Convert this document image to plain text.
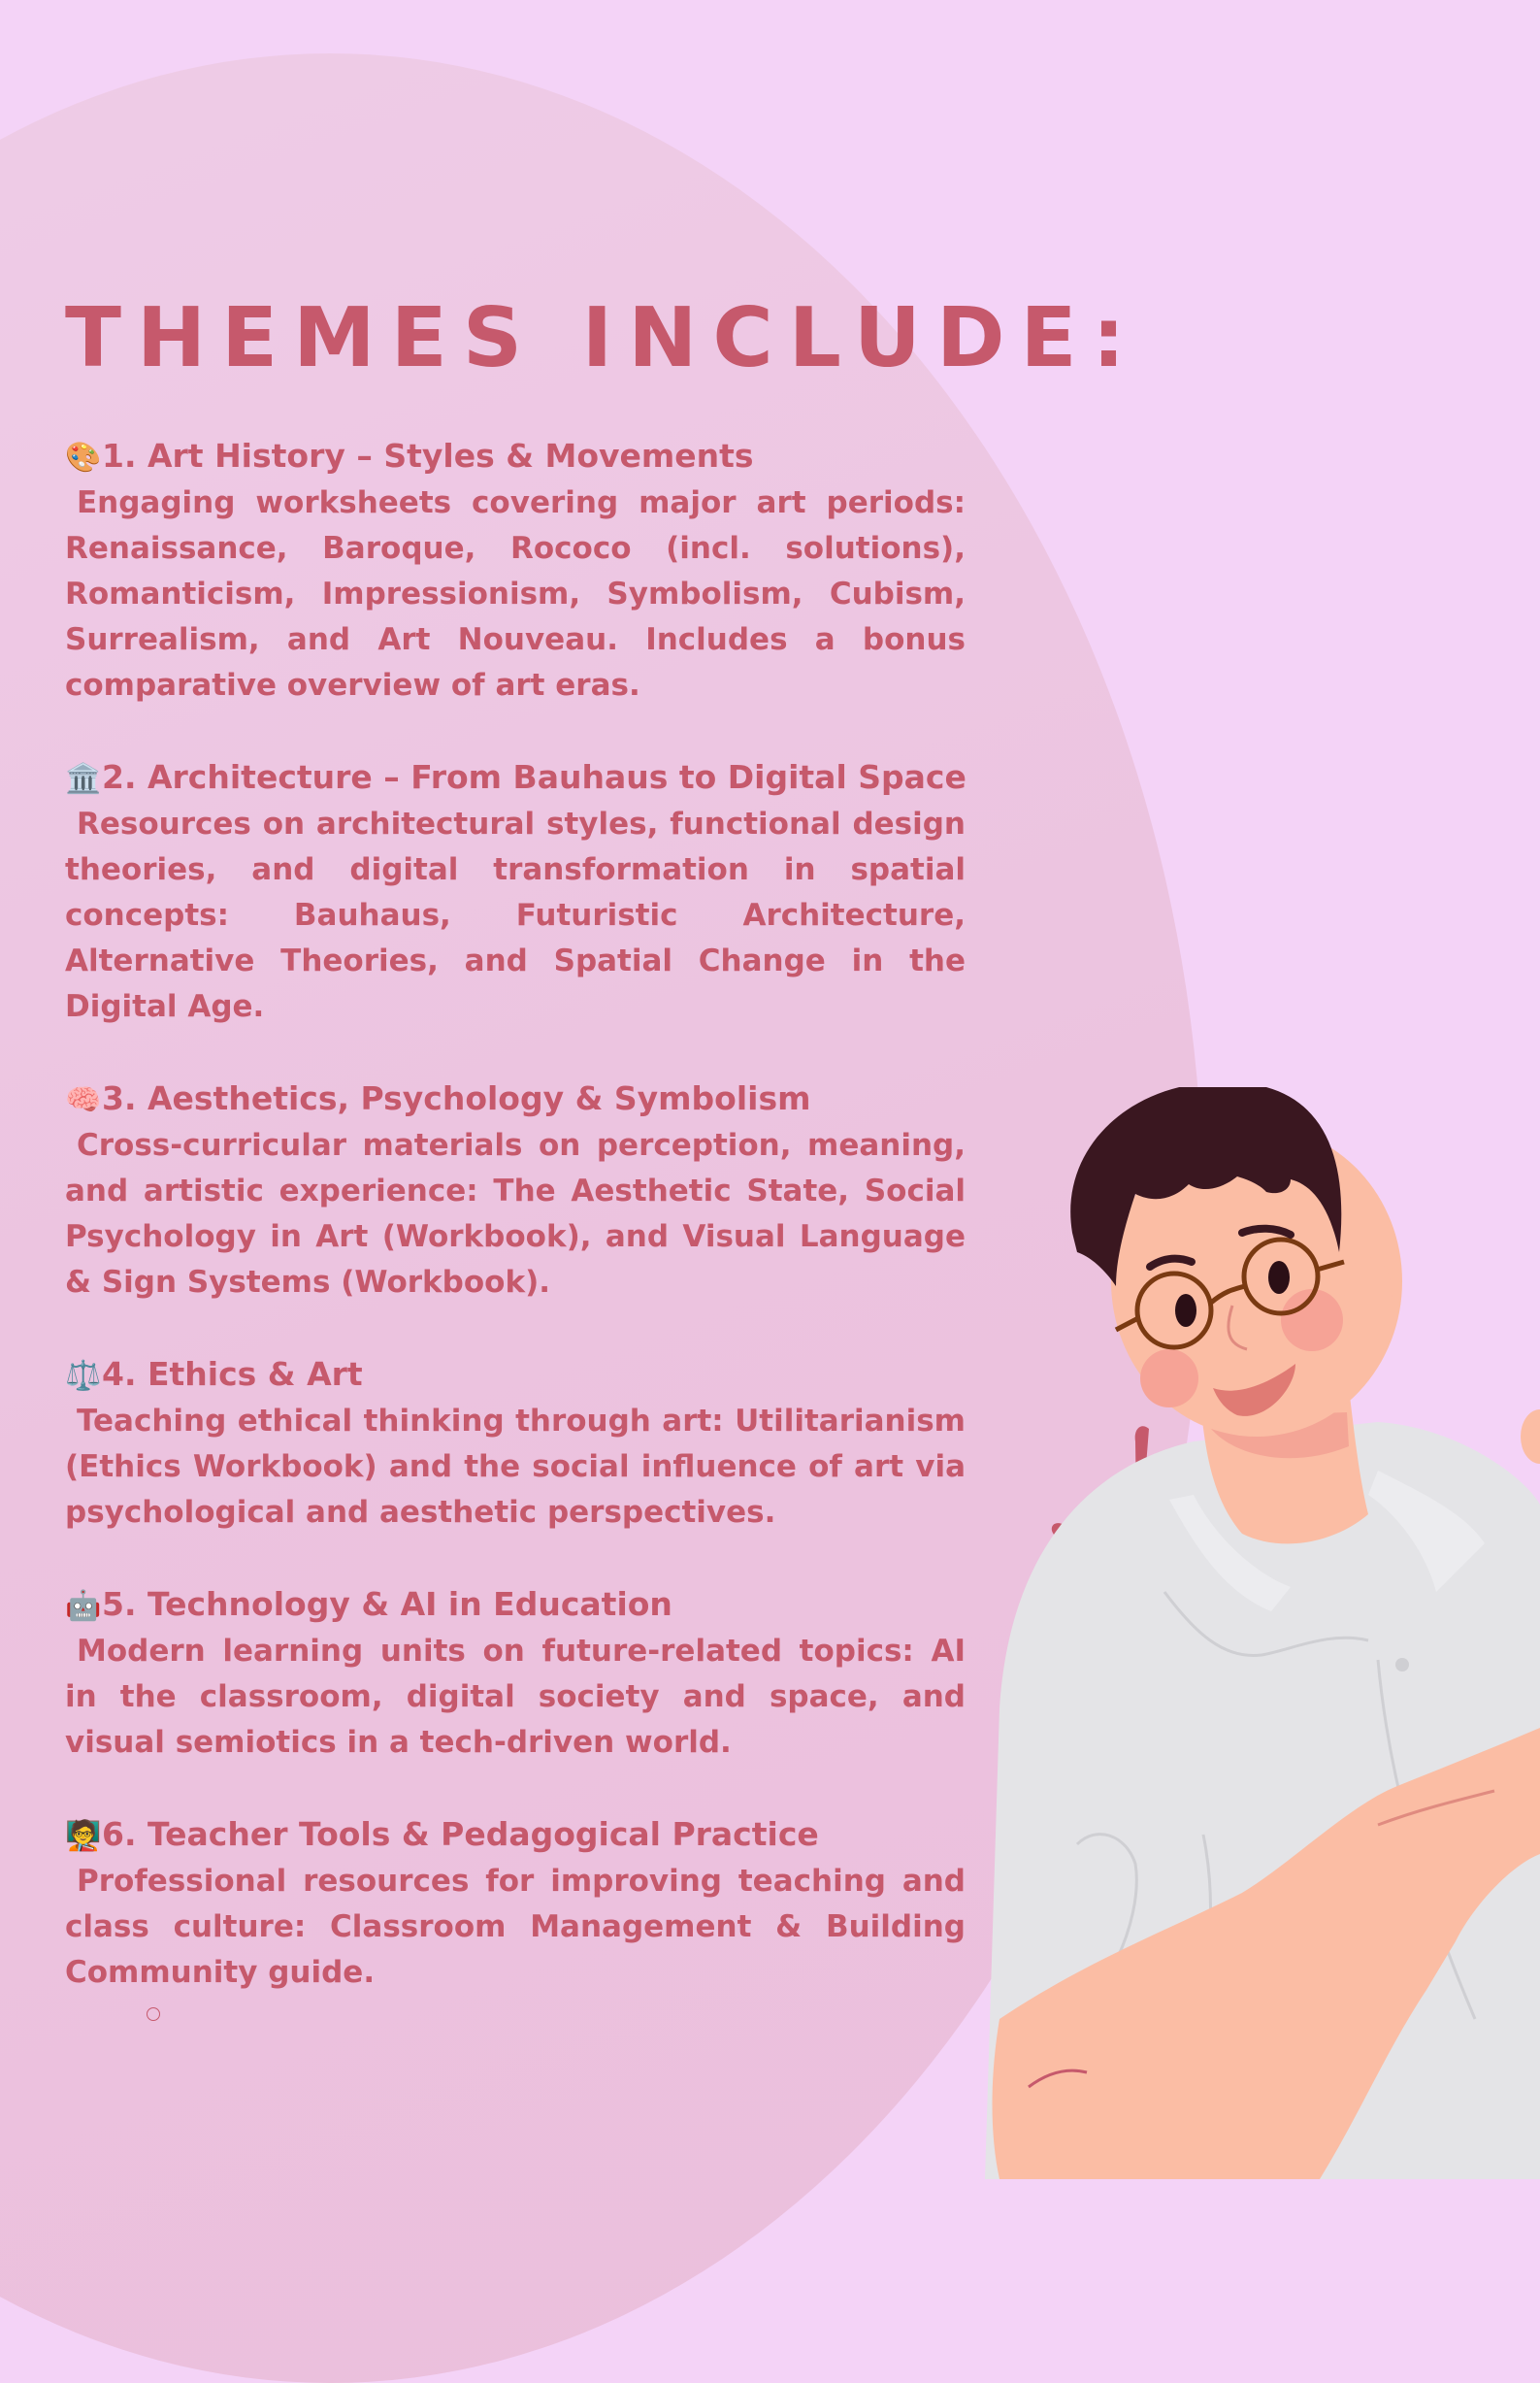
THEMES INCLUDE:
🎨1. Art History – Styles & Movements
Engaging worksheets covering major art periods: Renaissance, Baroque, Rococo (incl. solutions), Romanticism, Impressionism, Symbolism, Cubism, Surrealism, and Art Nouveau. Includes a bonus comparative overview of art eras.
🏛️2. Architecture – From Bauhaus to Digital Space
Resources on architectural styles, functional design theories, and digital transformation in spatial concepts: Bauhaus, Futuristic Architecture, Alternative Theories, and Spatial Change in the Digital Age.
🧠3. Aesthetics, Psychology & Symbolism
Cross-curricular materials on perception, meaning, and artistic experience: The Aesthetic State, Social Psychology in Art (Workbook), and Visual Language & Sign Systems (Workbook).
⚖️4. Ethics & Art
Teaching ethical thinking through art: Utilitarianism (Ethics Workbook) and the social influence of art via psychological and aesthetic perspectives.
🤖5. Technology & AI in Education
Modern learning units on future-related topics: AI in the classroom, digital society and space, and visual semiotics in a tech-driven world.
🧑‍🏫6. Teacher Tools & Pedagogical Practice
Professional resources for improving teaching and class culture: Classroom Management & Building Community guide.
